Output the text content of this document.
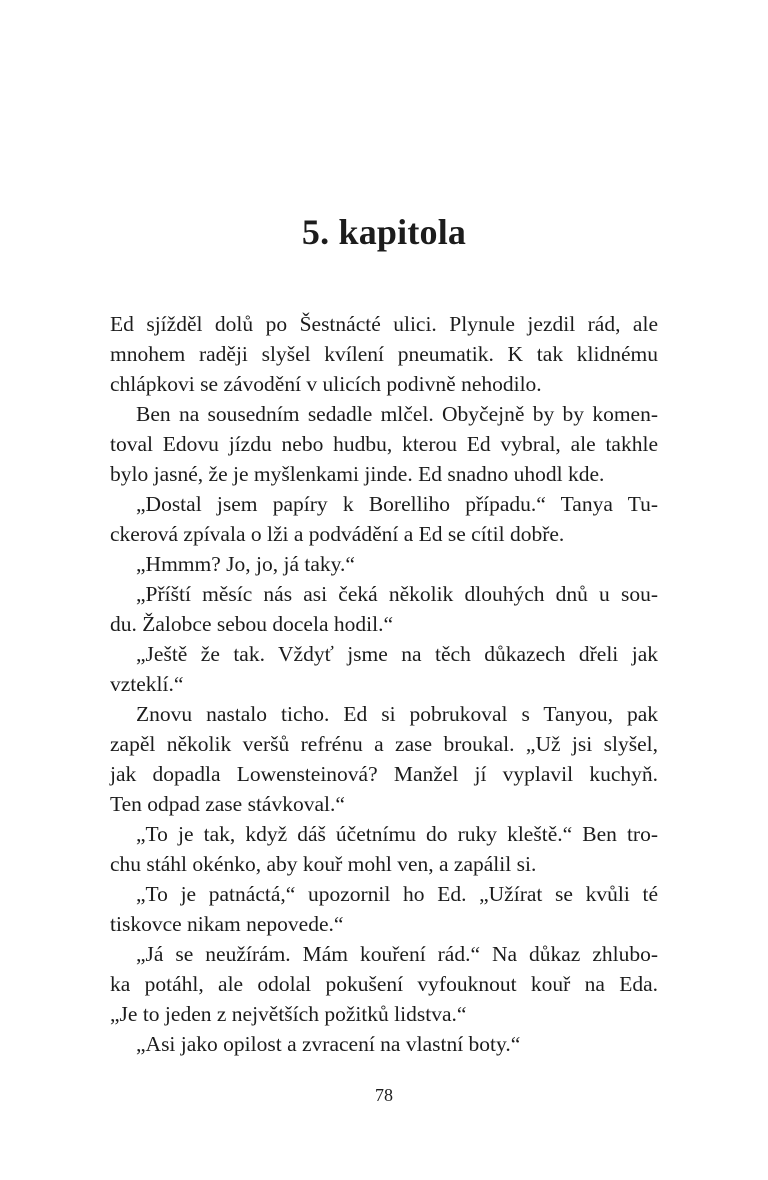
5. kapitola
Ed sjížděl dolů po Šestnácté ulici. Plynule jezdil rád, ale
mnohem raději slyšel kvílení pneumatik. K tak klidnému
chlápkovi se závodění v ulicích podivně nehodilo.
Ben na sousedním sedadle mlčel. Obyčejně by by komen-
toval Edovu jízdu nebo hudbu, kterou Ed vybral, ale takhle
bylo jasné, že je myšlenkami jinde. Ed snadno uhodl kde.
„Dostal jsem papíry k Borelliho případu.“ Tanya Tu-
ckerová zpívala o lži a podvádění a Ed se cítil dobře.
„Hmmm? Jo, jo, já taky.“
„Příští měsíc nás asi čeká několik dlouhých dnů u sou-
du. Žalobce sebou docela hodil.“
„Ještě že tak. Vždyť jsme na těch důkazech dřeli jak
vzteklí.“
Znovu nastalo ticho. Ed si pobrukoval s Tanyou, pak
zapěl několik veršů refrénu a zase broukal. „Už jsi slyšel,
jak dopadla Lowensteinová? Manžel jí vyplavil kuchyň.
Ten odpad zase stávkoval.“
„To je tak, když dáš účetnímu do ruky kleště.“ Ben tro-
chu stáhl okénko, aby kouř mohl ven, a zapálil si.
„To je patnáctá,“ upozornil ho Ed. „Užírat se kvůli té
tiskovce nikam nepovede.“
„Já se neužírám. Mám kouření rád.“ Na důkaz zhlubo-
ka potáhl, ale odolal pokušení vyfouknout kouř na Eda.
„Je to jeden z největších požitků lidstva.“
„Asi jako opilost a zvracení na vlastní boty.“
78
